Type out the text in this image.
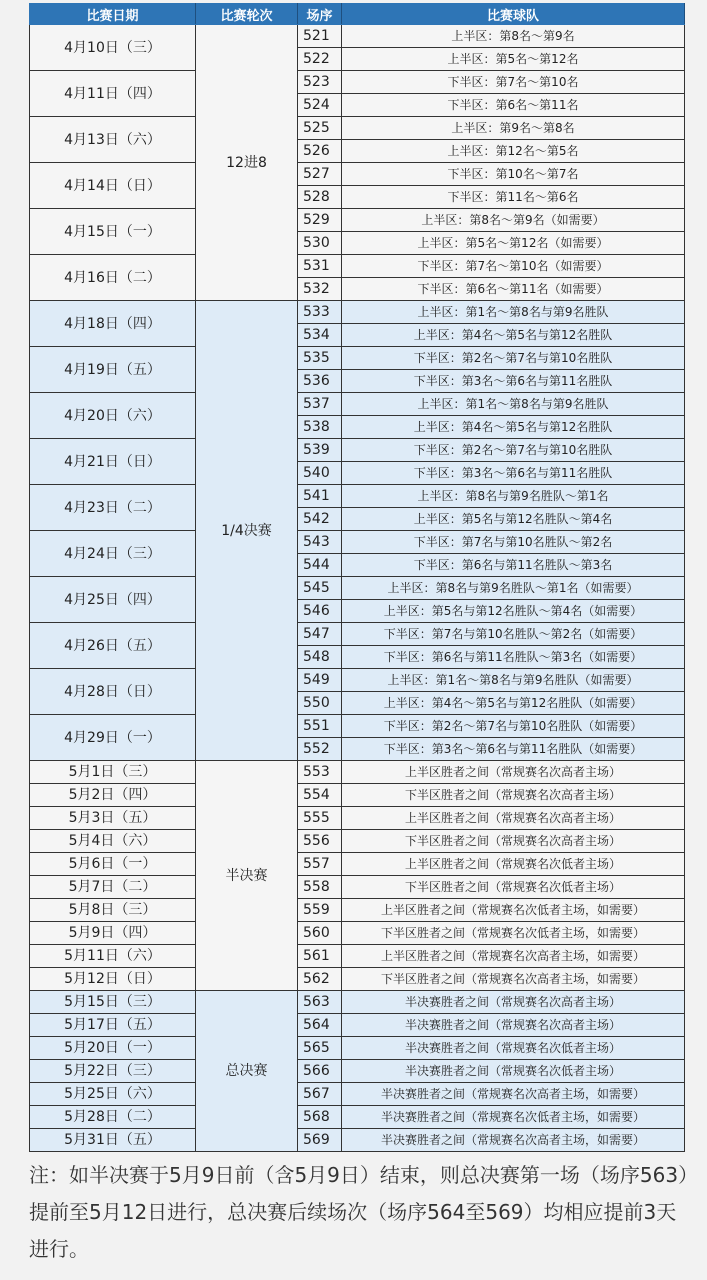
比赛日期	比赛轮次	场序	比赛球队
4月10日（三）	12进8	521	上半区：第8名～第9名
		522	上半区：第5名～第12名
4月11日（四）		523	下半区：第7名～第10名
		524	下半区：第6名～第11名
4月13日（六）		525	上半区：第9名～第8名
		526	上半区：第12名～第5名
4月14日（日）		527	下半区：第10名～第7名
		528	下半区：第11名～第6名
4月15日（一）		529	上半区：第8名～第9名（如需要）
		530	上半区：第5名～第12名（如需要）
4月16日（二）		531	下半区：第7名～第10名（如需要）
		532	下半区：第6名～第11名（如需要）
4月18日（四）	1/4决赛	533	上半区：第1名～第8名与第9名胜队
		534	上半区：第4名～第5名与第12名胜队
4月19日（五）		535	下半区：第2名～第7名与第10名胜队
		536	下半区：第3名～第6名与第11名胜队
4月20日（六）		537	上半区：第1名～第8名与第9名胜队
		538	上半区：第4名～第5名与第12名胜队
4月21日（日）		539	下半区：第2名～第7名与第10名胜队
		540	下半区：第3名～第6名与第11名胜队
4月23日（二）		541	上半区：第8名与第9名胜队～第1名
		542	上半区：第5名与第12名胜队～第4名
4月24日（三）		543	下半区：第7名与第10名胜队～第2名
		544	下半区：第6名与第11名胜队～第3名
4月25日（四）		545	上半区：第8名与第9名胜队～第1名（如需要）
		546	上半区：第5名与第12名胜队～第4名（如需要）
4月26日（五）		547	下半区：第7名与第10名胜队～第2名（如需要）
		548	下半区：第6名与第11名胜队～第3名（如需要）
4月28日（日）		549	上半区：第1名～第8名与第9名胜队（如需要）
		550	上半区：第4名～第5名与第12名胜队（如需要）
4月29日（一）		551	下半区：第2名～第7名与第10名胜队（如需要）
		552	下半区：第3名～第6名与第11名胜队（如需要）
5月1日（三）	半决赛	553	上半区胜者之间（常规赛名次高者主场）
5月2日（四）		554	下半区胜者之间（常规赛名次高者主场）
5月3日（五）		555	上半区胜者之间（常规赛名次高者主场）
5月4日（六）		556	下半区胜者之间（常规赛名次高者主场）
5月6日（一）		557	上半区胜者之间（常规赛名次低者主场）
5月7日（二）		558	下半区胜者之间（常规赛名次低者主场）
5月8日（三）		559	上半区胜者之间（常规赛名次低者主场，如需要）
5月9日（四）		560	下半区胜者之间（常规赛名次低者主场，如需要）
5月11日（六）		561	上半区胜者之间（常规赛名次高者主场，如需要）
5月12日（日）		562	下半区胜者之间（常规赛名次高者主场，如需要）
5月15日（三）	总决赛	563	半决赛胜者之间（常规赛名次高者主场）
5月17日（五）		564	半决赛胜者之间（常规赛名次高者主场）
5月20日（一）		565	半决赛胜者之间（常规赛名次低者主场）
5月22日（三）		566	半决赛胜者之间（常规赛名次低者主场）
5月25日（六）		567	半决赛胜者之间（常规赛名次高者主场，如需要）
5月28日（二）		568	半决赛胜者之间（常规赛名次低者主场，如需要）
5月31日（五）		569	半决赛胜者之间（常规赛名次高者主场，如需要）
注：如半决赛于5月9日前（含5月9日）结束，则总决赛第一场（场序563）提前至5月12日进行，总决赛后续场次（场序564至569）均相应提前3天进行。
